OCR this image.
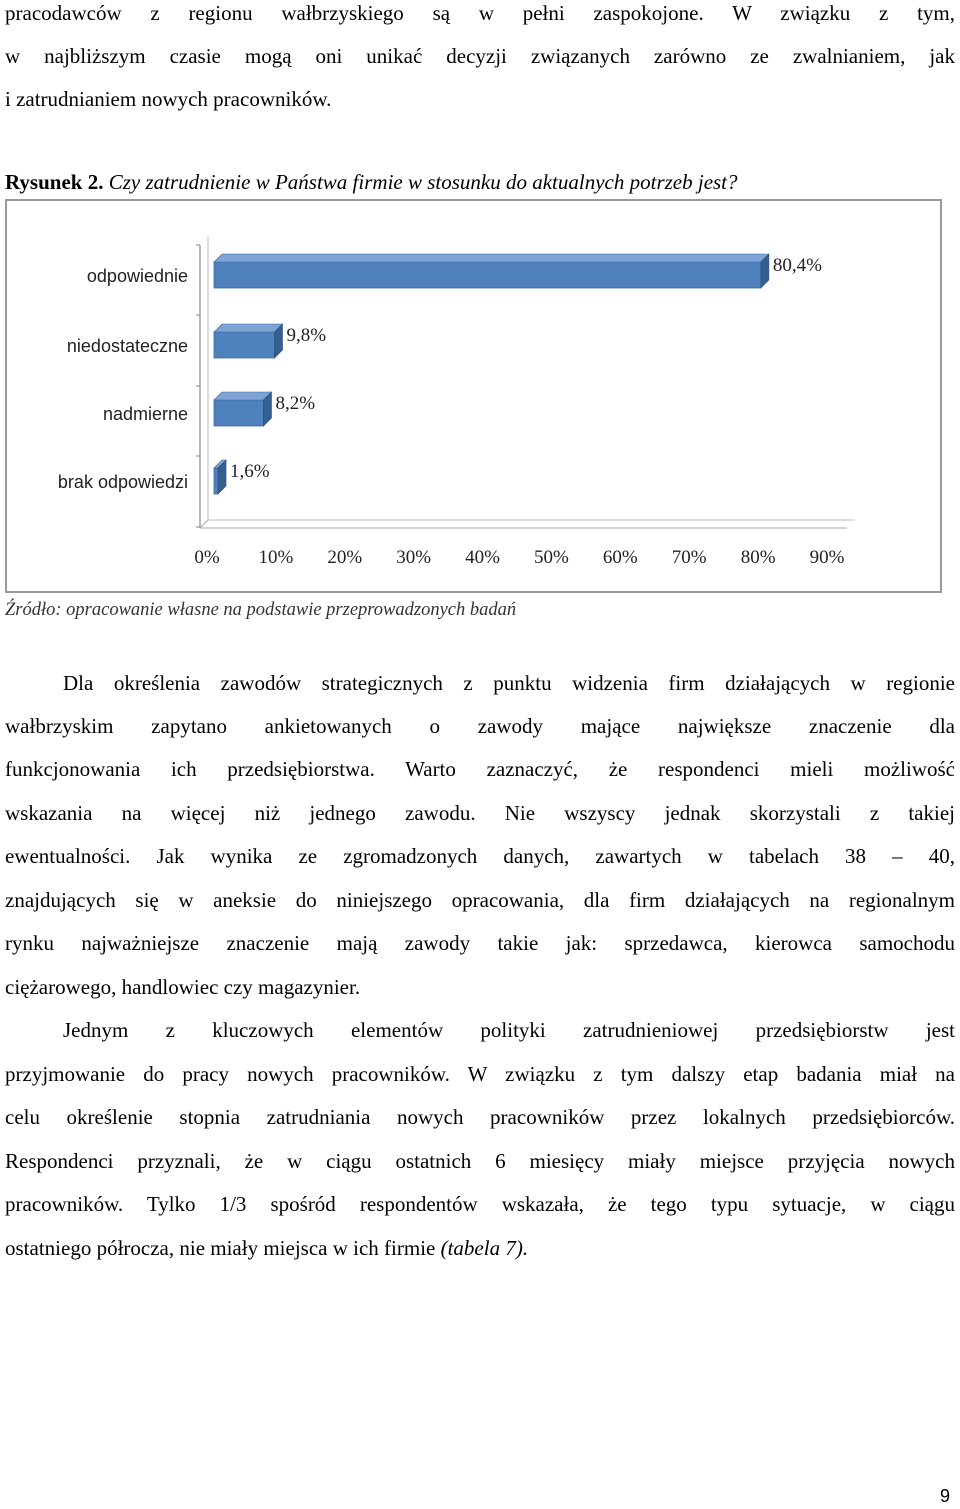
pracodawców z regionu wałbrzyskiego są w pełni zaspokojone. W związku z tym,
w najbliższym czasie mogą oni unikać decyzji związanych zarówno ze zwalnianiem, jak
i zatrudnianiem nowych pracowników.
Rysunek 2. Czy zatrudnienie w Państwa firmie w stosunku do aktualnych potrzeb jest?
odpowiednie	80,4%
niedostateczne	9,8%
nadmierne	8,2%
brak odpowiedzi 1,6%
0% 10% 20% 30% 40% 50% 60% 70% 80% 90%
Źródło: opracowanie własne na podstawie przeprowadzonych badań
Dla określenia zawodów strategicznych z punktu widzenia firm działających w regionie
wałbrzyskim zapytano ankietowanych o zawody mające największe znaczenie dla
funkcjonowania ich przedsiębiorstwa. Warto zaznaczyć, że respondenci mieli możliwość
wskazania na więcej niż jednego zawodu. Nie wszyscy jednak skorzystali z takiej
ewentualności. Jak wynika ze zgromadzonych danych, zawartych w tabelach 38 – 40,
znajdujących się w aneksie do niniejszego opracowania, dla firm działających na regionalnym
rynku najważniejsze znaczenie mają zawody takie jak: sprzedawca, kierowca samochodu
ciężarowego, handlowiec czy magazynier.
Jednym z kluczowych elementów polityki zatrudnieniowej przedsiębiorstw jest
przyjmowanie do pracy nowych pracowników. W związku z tym dalszy etap badania miał na
celu określenie stopnia zatrudniania nowych pracowników przez lokalnych przedsiębiorców.
Respondenci przyznali, że w ciągu ostatnich 6 miesięcy miały miejsce przyjęcia nowych
pracowników. Tylko 1/3 spośród respondentów wskazała, że tego typu sytuacje, w ciągu
ostatniego półrocza, nie miały miejsca w ich firmie (tabela 7).
9
